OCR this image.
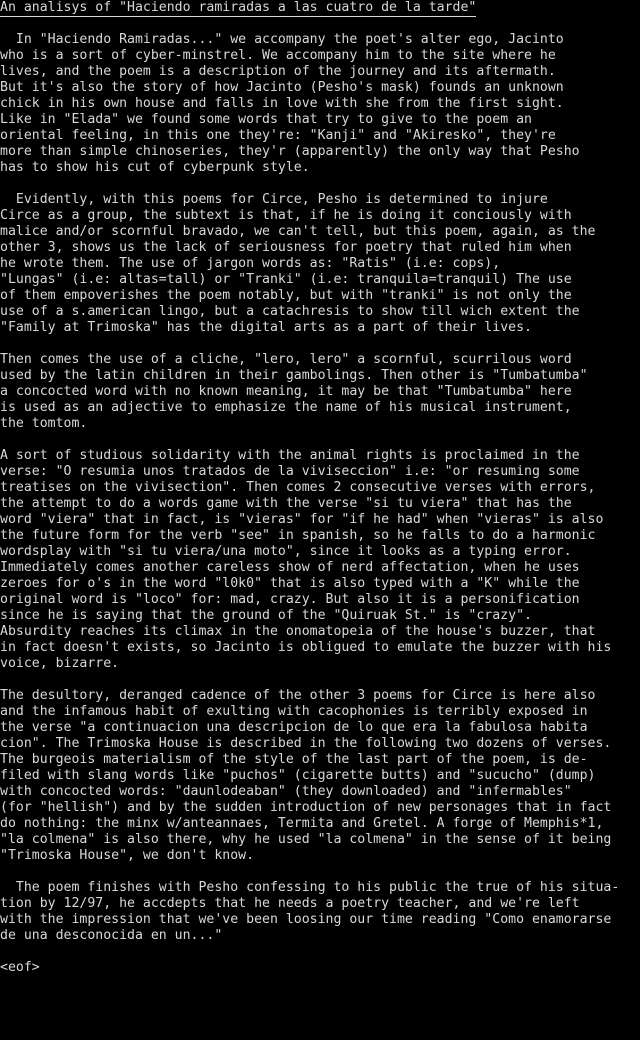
An analisys of "Haciendo ramiradas a las cuatro de la tarde"
In "Haciendo Ramiradas..." we accompany the poet's alter ego, Jacinto
who is a sort of cyber-minstrel. We accompany him to the site where he
lives, and the poem is a description of the journey and its aftermath.
But it's also the story of how Jacinto (Pesho's mask) founds an unknown
chick in his own house and falls in love with she from the first sight.
Like in "Elada" we found some words that try to give to the poem an
oriental feeling, in this one they're: "Kanji" and "Akiresko", they're
more than simple chinoseries, they'r (apparently) the only way that Pesho
has to show his cut of cyberpunk style.
Evidently, with this poems for Circe, Pesho is determined to injure
Circe as a group, the subtext is that, if he is doing it conciously with
malice and/or scornful bravado, we can't tell, but this poem, again, as the
other 3, shows us the lack of seriousness for poetry that ruled him when
he wrote them. The use of jargon words as: "Ratis" (i.e: cops),
"Lungas" (i.e: altas=tall) or "Tranki" (i.e: tranquila=tranquil) The use
of them empoverishes the poem notably, but with "tranki" is not only the
use of a s.american lingo, but a catachresis to show till wich extent the
"Family at Trimoska" has the digital arts as a part of their lives.
Then comes the use of a cliche, "lero, lero" a scornful, scurrilous word
used by the latin children in their gambolings. Then other is "Tumbatumba"
a concocted word with no known meaning, it may be that "Tumbatumba" here
is used as an adjective to emphasize the name of his musical instrument,
the tomtom.
A sort of studious solidarity with the animal rights is proclaimed in the
verse: "O resumia unos tratados de la viviseccion" i.e: "or resuming some
treatises on the vivisection". Then comes 2 consecutive verses with errors,
the attempt to do a words game with the verse "si tu viera" that has the
word "viera" that in fact, is "vieras" for "if he had" when "vieras" is also
the future form for the verb "see" in spanish, so he falls to do a harmonic
wordsplay with "si tu viera/una moto", since it looks as a typing error.
Immediately comes another careless show of nerd affectation, when he uses
zeroes for o's in the word "l0k0" that is also typed with a "K" while the
original word is "loco" for: mad, crazy. But also it is a personification
since he is saying that the ground of the "Quiruak St." is "crazy".
Absurdity reaches its climax in the onomatopeia of the house's buzzer, that
in fact doesn't exists, so Jacinto is obligued to emulate the buzzer with his
voice, bizarre.
The desultory, deranged cadence of the other 3 poems for Circe is here also
and the infamous habit of exulting with cacophonies is terribly exposed in
the verse "a continuacion una descripcion de lo que era la fabulosa habita
cion". The Trimoska House is described in the following two dozens of verses.
The burgeois materialism of the style of the last part of the poem, is de-
filed with slang words like "puchos" (cigarette butts) and "sucucho" (dump)
with concocted words: "daunlodeaban" (they downloaded) and "infermables"
(for "hellish") and by the sudden introduction of new personages that in fact
do nothing: the minx w/anteannaes, Termita and Gretel. A forge of Memphis*1,
"la colmena" is also there, why he used "la colmena" in the sense of it being
"Trimoska House", we don't know.
The poem finishes with Pesho confessing to his public the true of his situa-
tion by 12/97, he accdepts that he needs a poetry teacher, and we're left
with the impression that we've been loosing our time reading "Como enamorarse
de una desconocida en un..."
<eof>
